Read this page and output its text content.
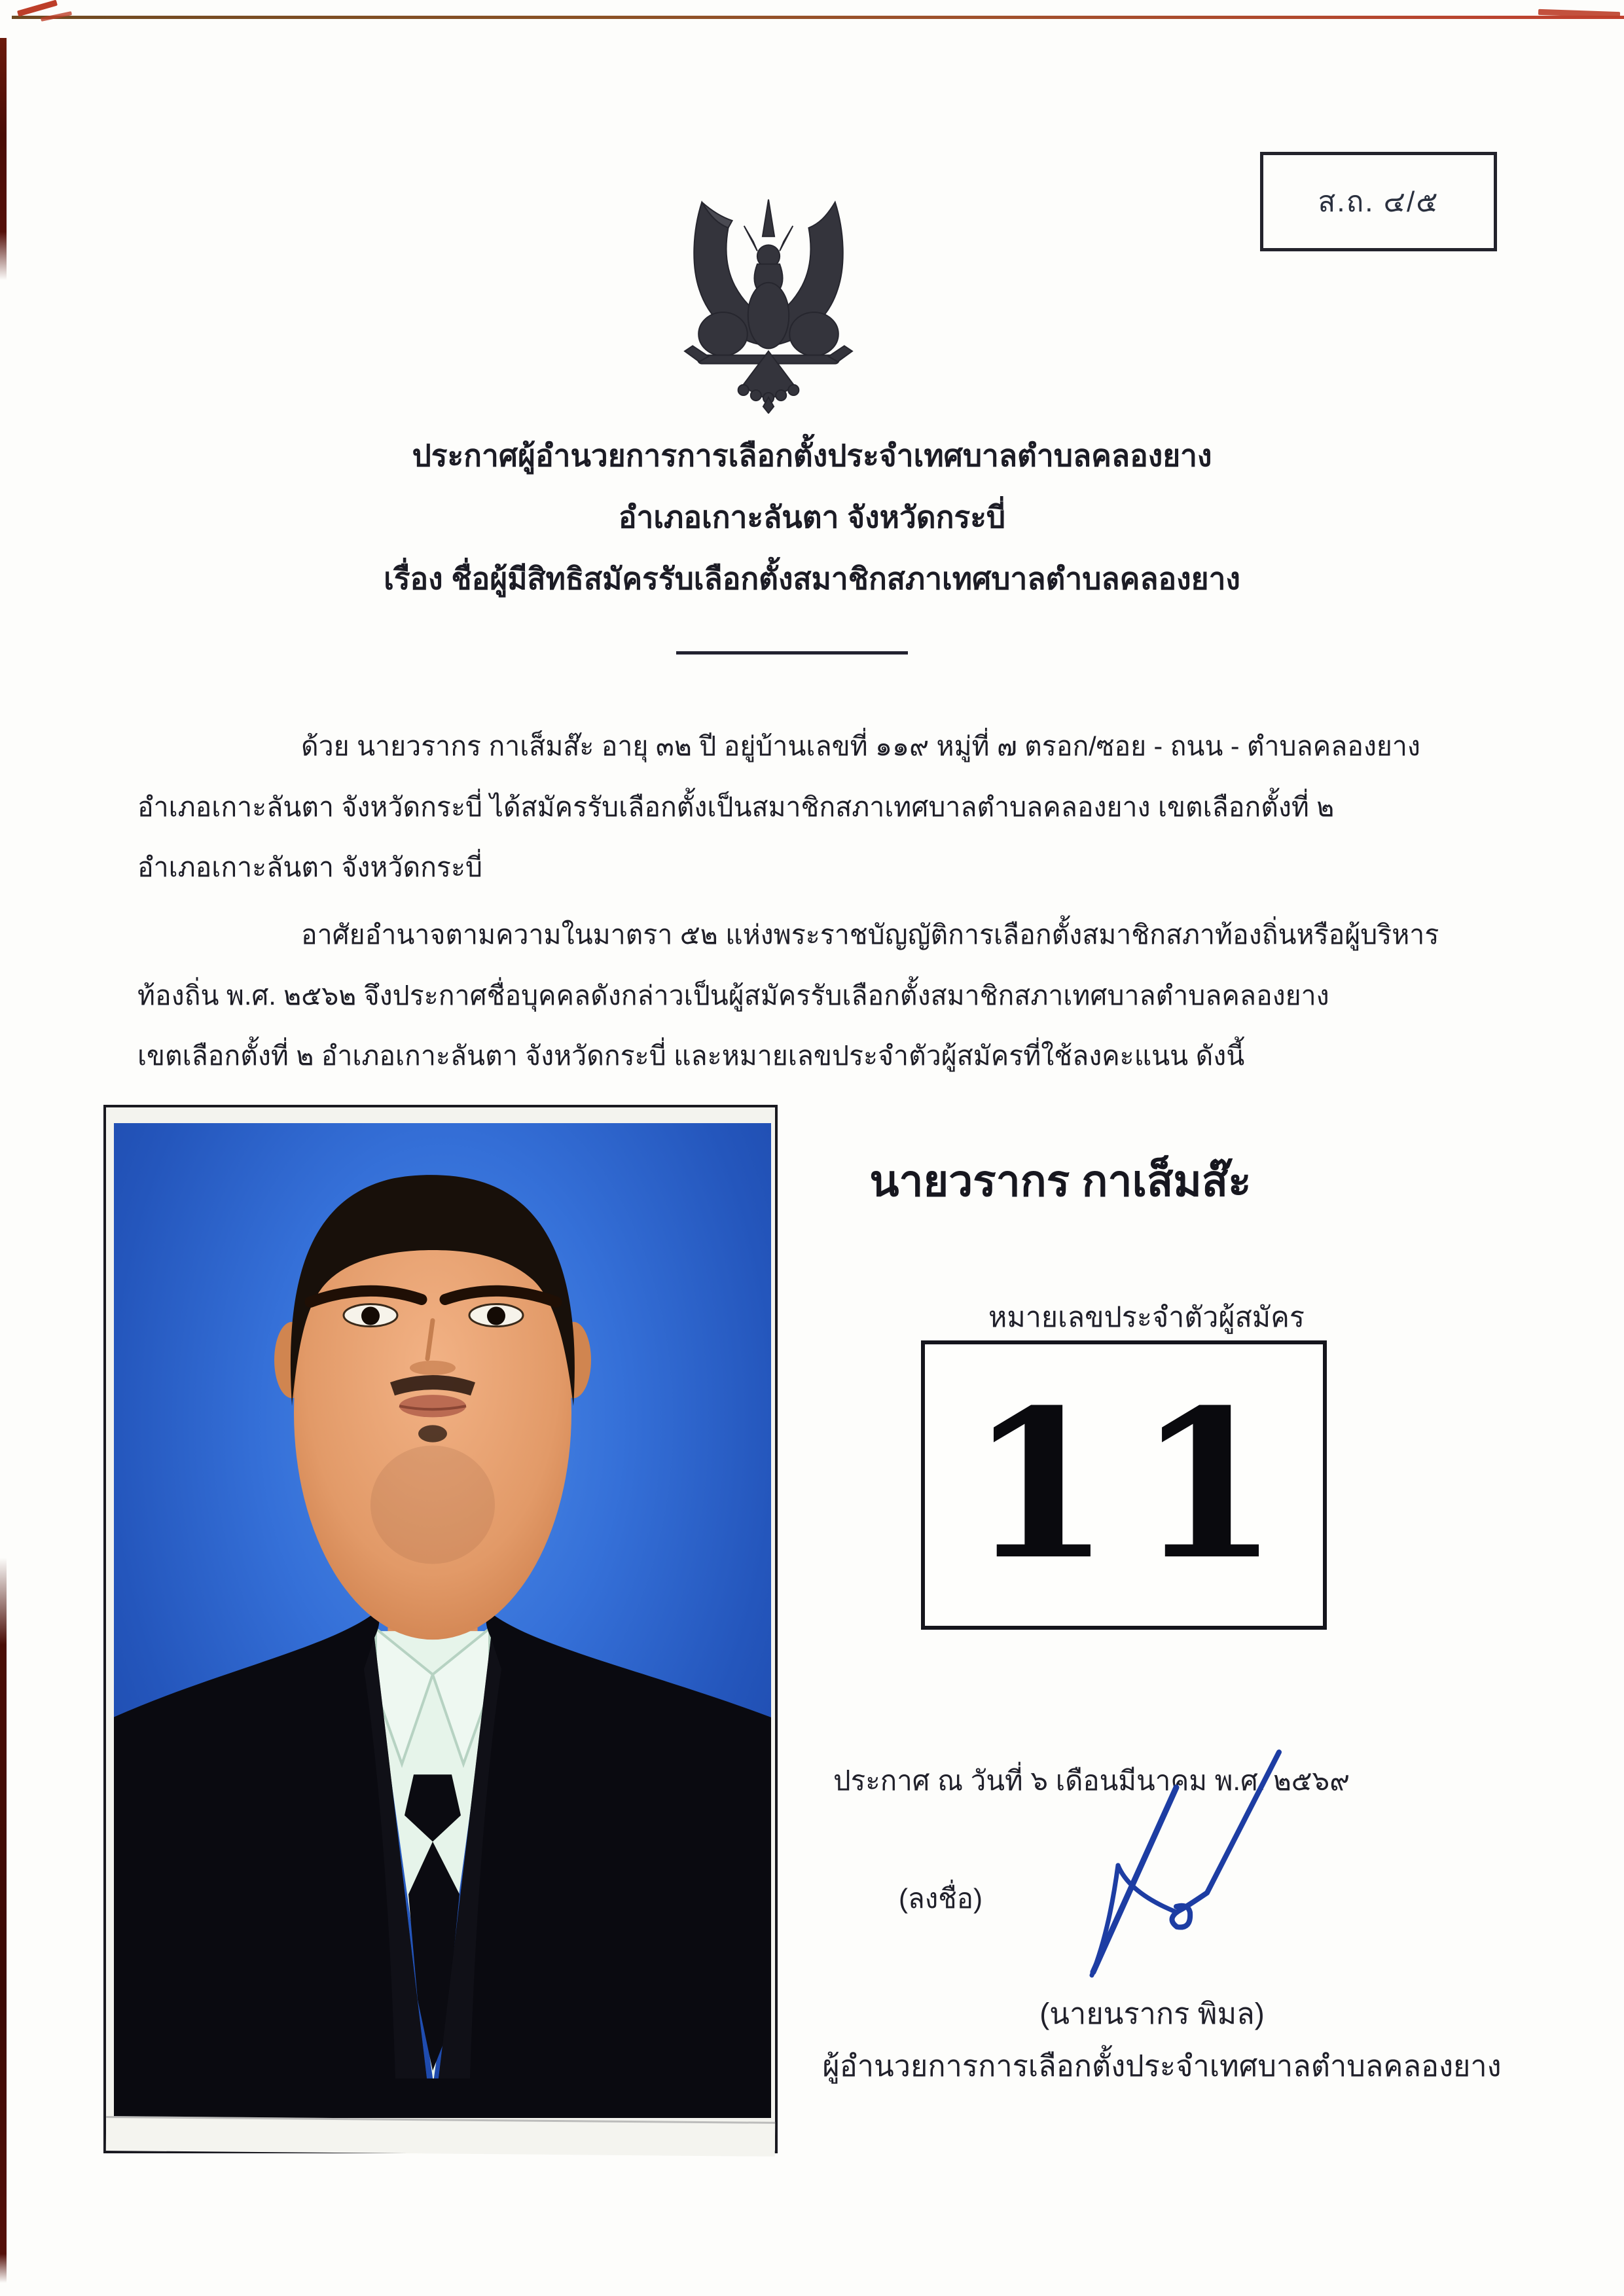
ส.ถ. ๔/๕
ประกาศผู้อำนวยการการเลือกตั้งประจำเทศบาลตำบลคลองยาง
อำเภอเกาะลันตา จังหวัดกระบี่
เรื่อง ชื่อผู้มีสิทธิสมัครรับเลือกตั้งสมาชิกสภาเทศบาลตำบลคลองยาง
ด้วย นายวรากร กาเส็มส๊ะ อายุ ๓๒ ปี อยู่บ้านเลขที่ ๑๑๙ หมู่ที่ ๗ ตรอก/ซอย - ถนน - ตำบลคลองยาง
อำเภอเกาะลันตา จังหวัดกระบี่ ได้สมัครรับเลือกตั้งเป็นสมาชิกสภาเทศบาลตำบลคลองยาง เขตเลือกตั้งที่ ๒
อำเภอเกาะลันตา จังหวัดกระบี่
อาศัยอำนาจตามความในมาตรา ๕๒ แห่งพระราชบัญญัติการเลือกตั้งสมาชิกสภาท้องถิ่นหรือผู้บริหาร
ท้องถิ่น พ.ศ. ๒๕๖๒ จึงประกาศชื่อบุคคลดังกล่าวเป็นผู้สมัครรับเลือกตั้งสมาชิกสภาเทศบาลตำบลคลองยาง
เขตเลือกตั้งที่ ๒ อำเภอเกาะลันตา จังหวัดกระบี่ และหมายเลขประจำตัวผู้สมัครที่ใช้ลงคะแนน ดังนี้
นายวรากร กาเส็มส๊ะ
หมายเลขประจำตัวผู้สมัคร
11
ประกาศ ณ วันที่ ๖ เดือนมีนาคม พ.ศ. ๒๕๖๙
(ลงชื่อ)
(นายนรากร พิมล)
ผู้อำนวยการการเลือกตั้งประจำเทศบาลตำบลคลองยาง
